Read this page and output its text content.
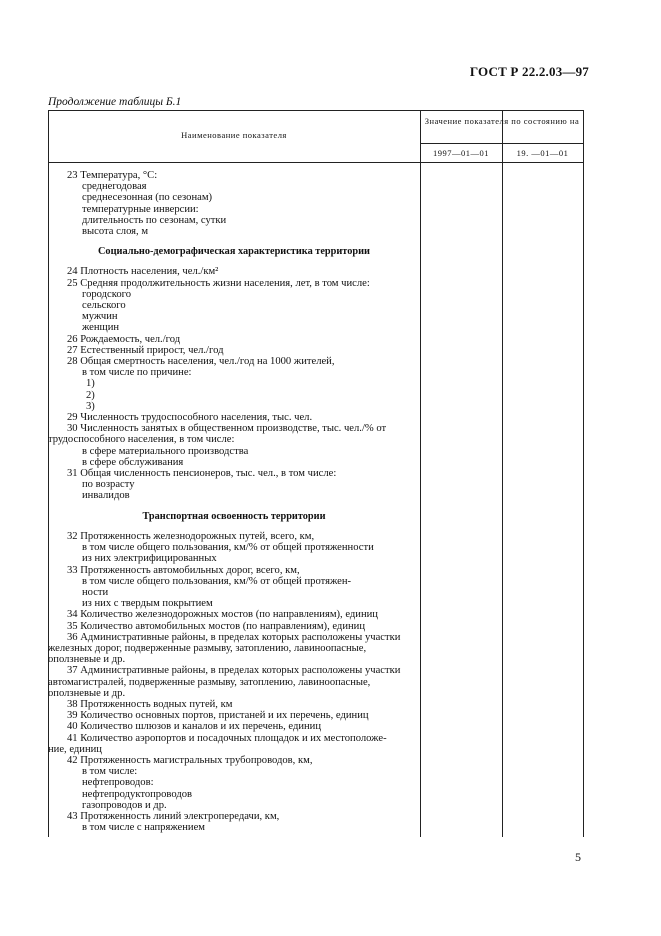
ГОСТ Р 22.2.03—97
Продолжение таблицы Б.1
Наименование показателя
Значение показателя по состоянию на
1997—01—01	19. —01—01
23 Температура, °С:
среднегодовая
среднесезонная (по сезонам)
температурные инверсии:
длительность по сезонам, сутки
высота слоя, м
Социально-демографическая характеристика территории
24 Плотность населения, чел./км²
25 Средняя продолжительность жизни населения, лет, в том числе:
городского
сельского
мужчин
женщин
26 Рождаемость, чел./год
27 Естественный прирост, чел./год
28 Общая смертность населения, чел./год на 1000 жителей,
в том числе по причине:
1)
2)
3)
29 Численность трудоспособного населения, тыс. чел.
30 Численность занятых в общественном производстве, тыс. чел./% от
трудоспособного населения, в том числе:
в сфере материального производства
в сфере обслуживания
31 Общая численность пенсионеров, тыс. чел., в том числе:
по возрасту
инвалидов
Транспортная освоенность территории
32 Протяженность железнодорожных путей, всего, км,
в том числе общего пользования, км/% от общей протяженности
из них электрифицированных
33 Протяженность автомобильных дорог, всего, км,
в том числе общего пользования, км/% от общей протяжен-
ности
из них с твердым покрытием
34 Количество железнодорожных мостов (по направлениям), единиц
35 Количество автомобильных мостов (по направлениям), единиц
36 Административные районы, в пределах которых расположены участки
железных дорог, подверженные размыву, затоплению, лавиноопасные,
оползневые и др.
37 Административные районы, в пределах которых расположены участки
автомагистралей, подверженные размыву, затоплению, лавиноопасные,
оползневые и др.
38 Протяженность водных путей, км
39 Количество основных портов, пристаней и их перечень, единиц
40 Количество шлюзов и каналов и их перечень, единиц
41 Количество аэропортов и посадочных площадок и их местоположе-
ние, единиц
42 Протяженность магистральных трубопроводов, км,
в том числе:
нефтепроводов:
нефтепродуктопроводов
газопроводов и др.
43 Протяженность линий электропередачи, км,
в том числе с напряжением
5
